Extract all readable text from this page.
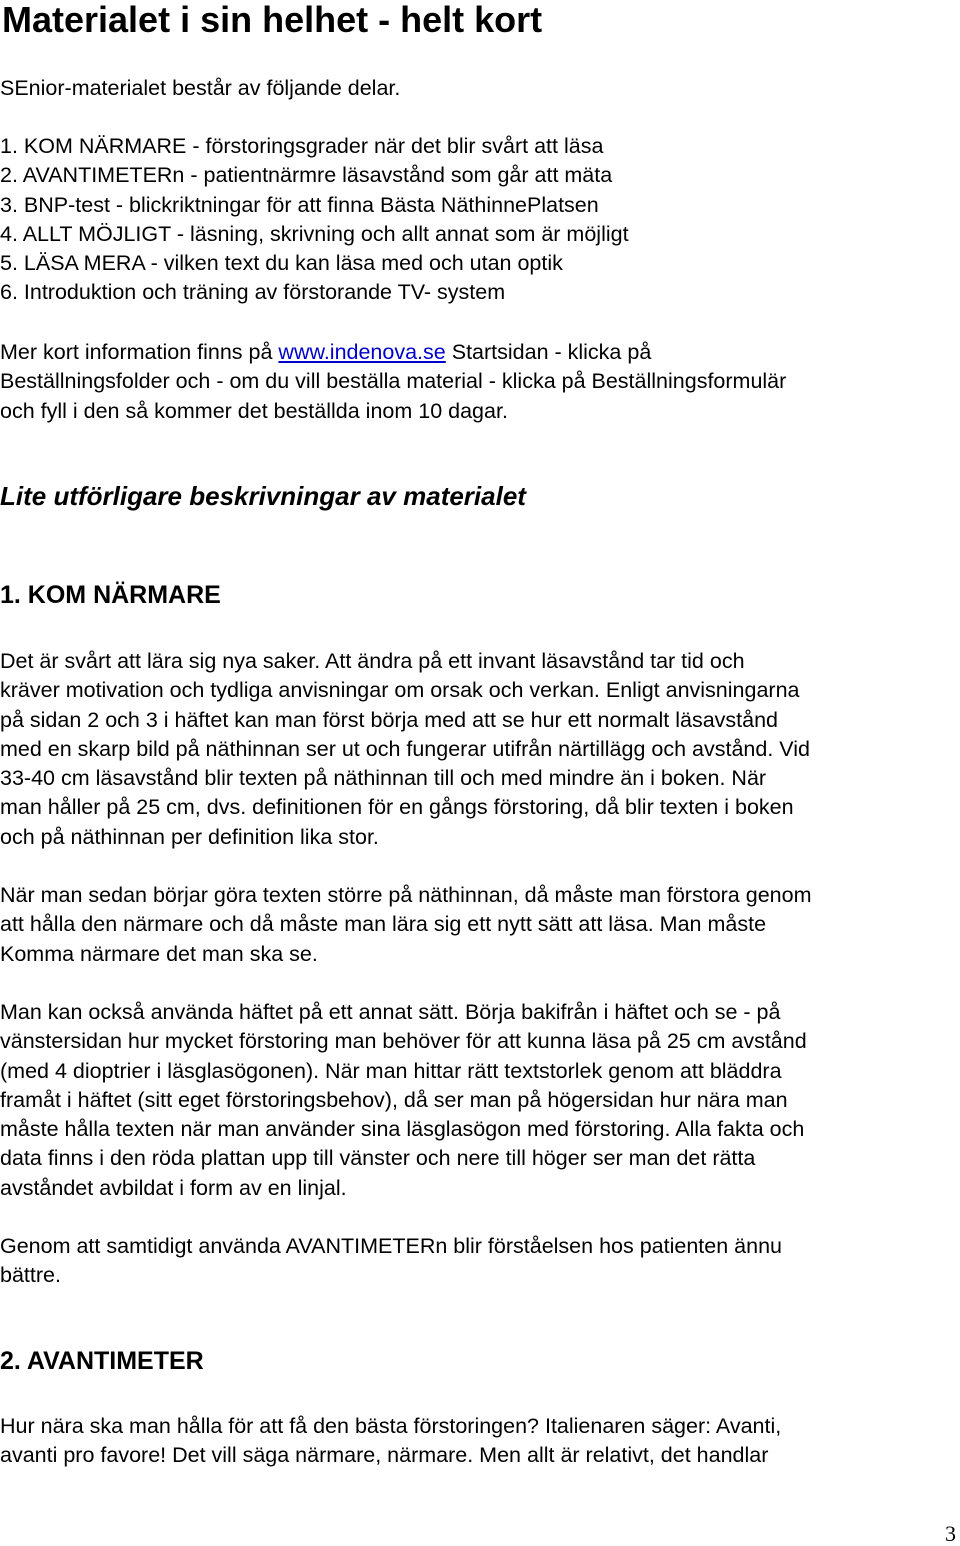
Materialet i sin helhet - helt kort

SEnior-materialet består av följande delar.

1. KOM NÄRMARE - förstoringsgrader när det blir svårt att läsa
2. AVANTIMETERn - patientnärmre läsavstånd som går att mäta
3. BNP-test - blickriktningar för att finna Bästa NäthinnePlatsen
4. ALLT MÖJLIGT - läsning, skrivning och allt annat som är möjligt
5. LÄSA MERA - vilken text du kan läsa med och utan optik
6. Introduktion och träning av förstorande TV- system
Mer kort information finns på www.indenova.se Startsidan - klicka på
Beställningsfolder och - om du vill beställa material - klicka på Beställningsformulär
och fyll i den så kommer det beställda inom 10 dagar.
Lite utförligare beskrivningar av materialet
1. KOM NÄRMARE
Det är svårt att lära sig nya saker. Att ändra på ett invant läsavstånd tar tid och
kräver motivation och tydliga anvisningar om orsak och verkan. Enligt anvisningarna
på sidan 2 och 3 i häftet kan man först börja med att se hur ett normalt läsavstånd
med en skarp bild på näthinnan ser ut och fungerar utifrån närtillägg och avstånd. Vid
33-40 cm läsavstånd blir texten på näthinnan till och med mindre än i boken. När
man håller på 25 cm, dvs. definitionen för en gångs förstoring, då blir texten i boken
och på näthinnan per definition lika stor.
När man sedan börjar göra texten större på näthinnan, då måste man förstora genom
att hålla den närmare och då måste man lära sig ett nytt sätt att läsa. Man måste
Komma närmare det man ska se.
Man kan också använda häftet på ett annat sätt. Börja bakifrån i häftet och se - på
vänstersidan hur mycket förstoring man behöver för att kunna läsa på 25 cm avstånd
(med 4 dioptrier i läsglasögonen). När man hittar rätt textstorlek genom att bläddra
framåt i häftet (sitt eget förstoringsbehov), då ser man på högersidan hur nära man
måste hålla texten när man använder sina läsglasögon med förstoring. Alla fakta och
data finns i den röda plattan upp till vänster och nere till höger ser man det rätta
avståndet avbildat i form av en linjal.
Genom att samtidigt använda AVANTIMETERn blir förståelsen hos patienten ännu
bättre.
2. AVANTIMETER
Hur nära ska man hålla för att få den bästa förstoringen? Italienaren säger: Avanti,
avanti pro favore! Det vill säga närmare, närmare. Men allt är relativt, det handlar
3
